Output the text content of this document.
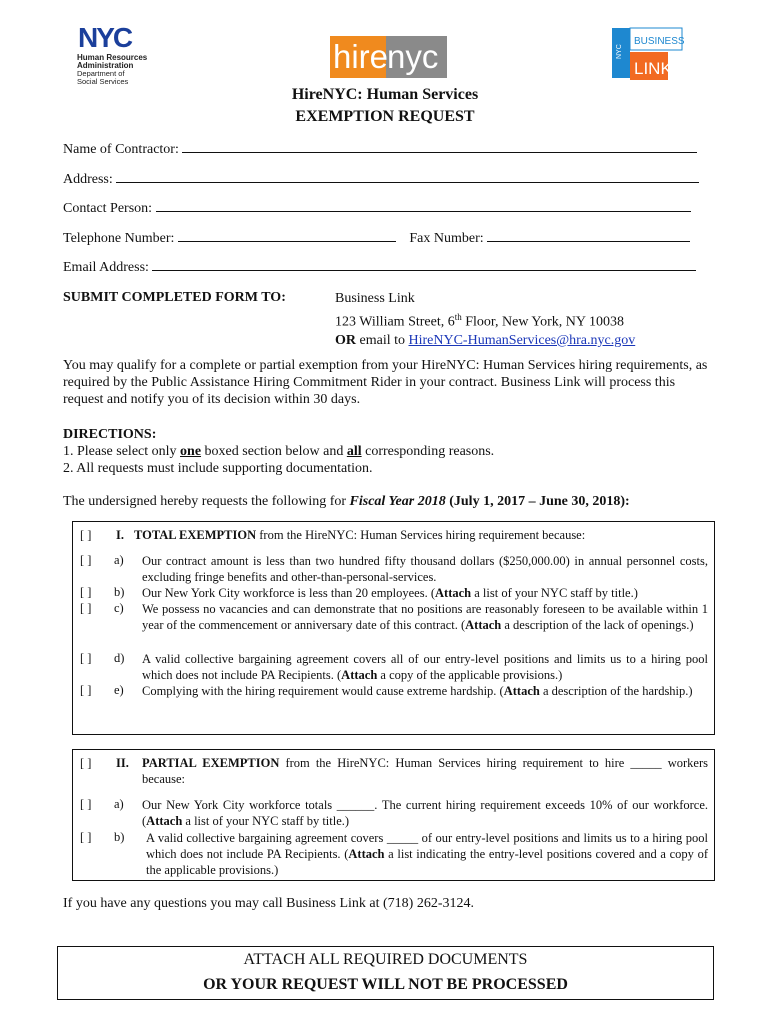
NYC
Human Resources
Administration
Department of
Social Services
hire
nyc	NYC
BUSINESS
LINK
HireNYC: Human Services
EXEMPTION REQUEST
Name of Contractor:
Address:
Contact Person:
Telephone Number:	Fax Number:
Email Address:
SUBMIT COMPLETED FORM TO:	Business Link
123 William Street, 6th Floor, New York, NY 10038
OR email to HireNYC-HumanServices@hra.nyc.gov
You may qualify for a complete or partial exemption from your HireNYC: Human Services hiring requirements, as required by the Public Assistance Hiring Commitment Rider in your contract. Business Link will process this request and notify you of its decision within 30 days.
DIRECTIONS:
1. Please select only one boxed section below and all corresponding reasons.
2. All requests must include supporting documentation.
The undersigned hereby requests the following for Fiscal Year 2018 (July 1, 2017 – June 30, 2018):
[ ] I. TOTAL EXEMPTION from the HireNYC: Human Services hiring requirement because:
[ ] a) Our contract amount is less than two hundred fifty thousand dollars ($250,000.00) in annual personnel costs, excluding fringe benefits and other-than-personal-services.
[ ] b) Our New York City workforce is less than 20 employees. (Attach a list of your NYC staff by title.)
[ ] c) We possess no vacancies and can demonstrate that no positions are reasonably foreseen to be available within 1 year of the commencement or anniversary date of this contract. (Attach a description of the lack of openings.)
[ ] d) A valid collective bargaining agreement covers all of our entry-level positions and limits us to a hiring pool which does not include PA Recipients. (Attach a copy of the applicable provisions.)
[ ] e) Complying with the hiring requirement would cause extreme hardship. (Attach a description of the hardship.)
[ ] II. PARTIAL EXEMPTION from the HireNYC: Human Services hiring requirement to hire _____ workers because:
[ ] a) Our New York City workforce totals ______. The current hiring requirement exceeds 10% of our workforce. (Attach a list of your NYC staff by title.)
[ ] b) A valid collective bargaining agreement covers _____ of our entry-level positions and limits us to a hiring pool which does not include PA Recipients. (Attach a list indicating the entry-level positions covered and a copy of the applicable provisions.)
If you have any questions you may call Business Link at (718) 262-3124.
ATTACH ALL REQUIRED DOCUMENTS
OR YOUR REQUEST WILL NOT BE PROCESSED
